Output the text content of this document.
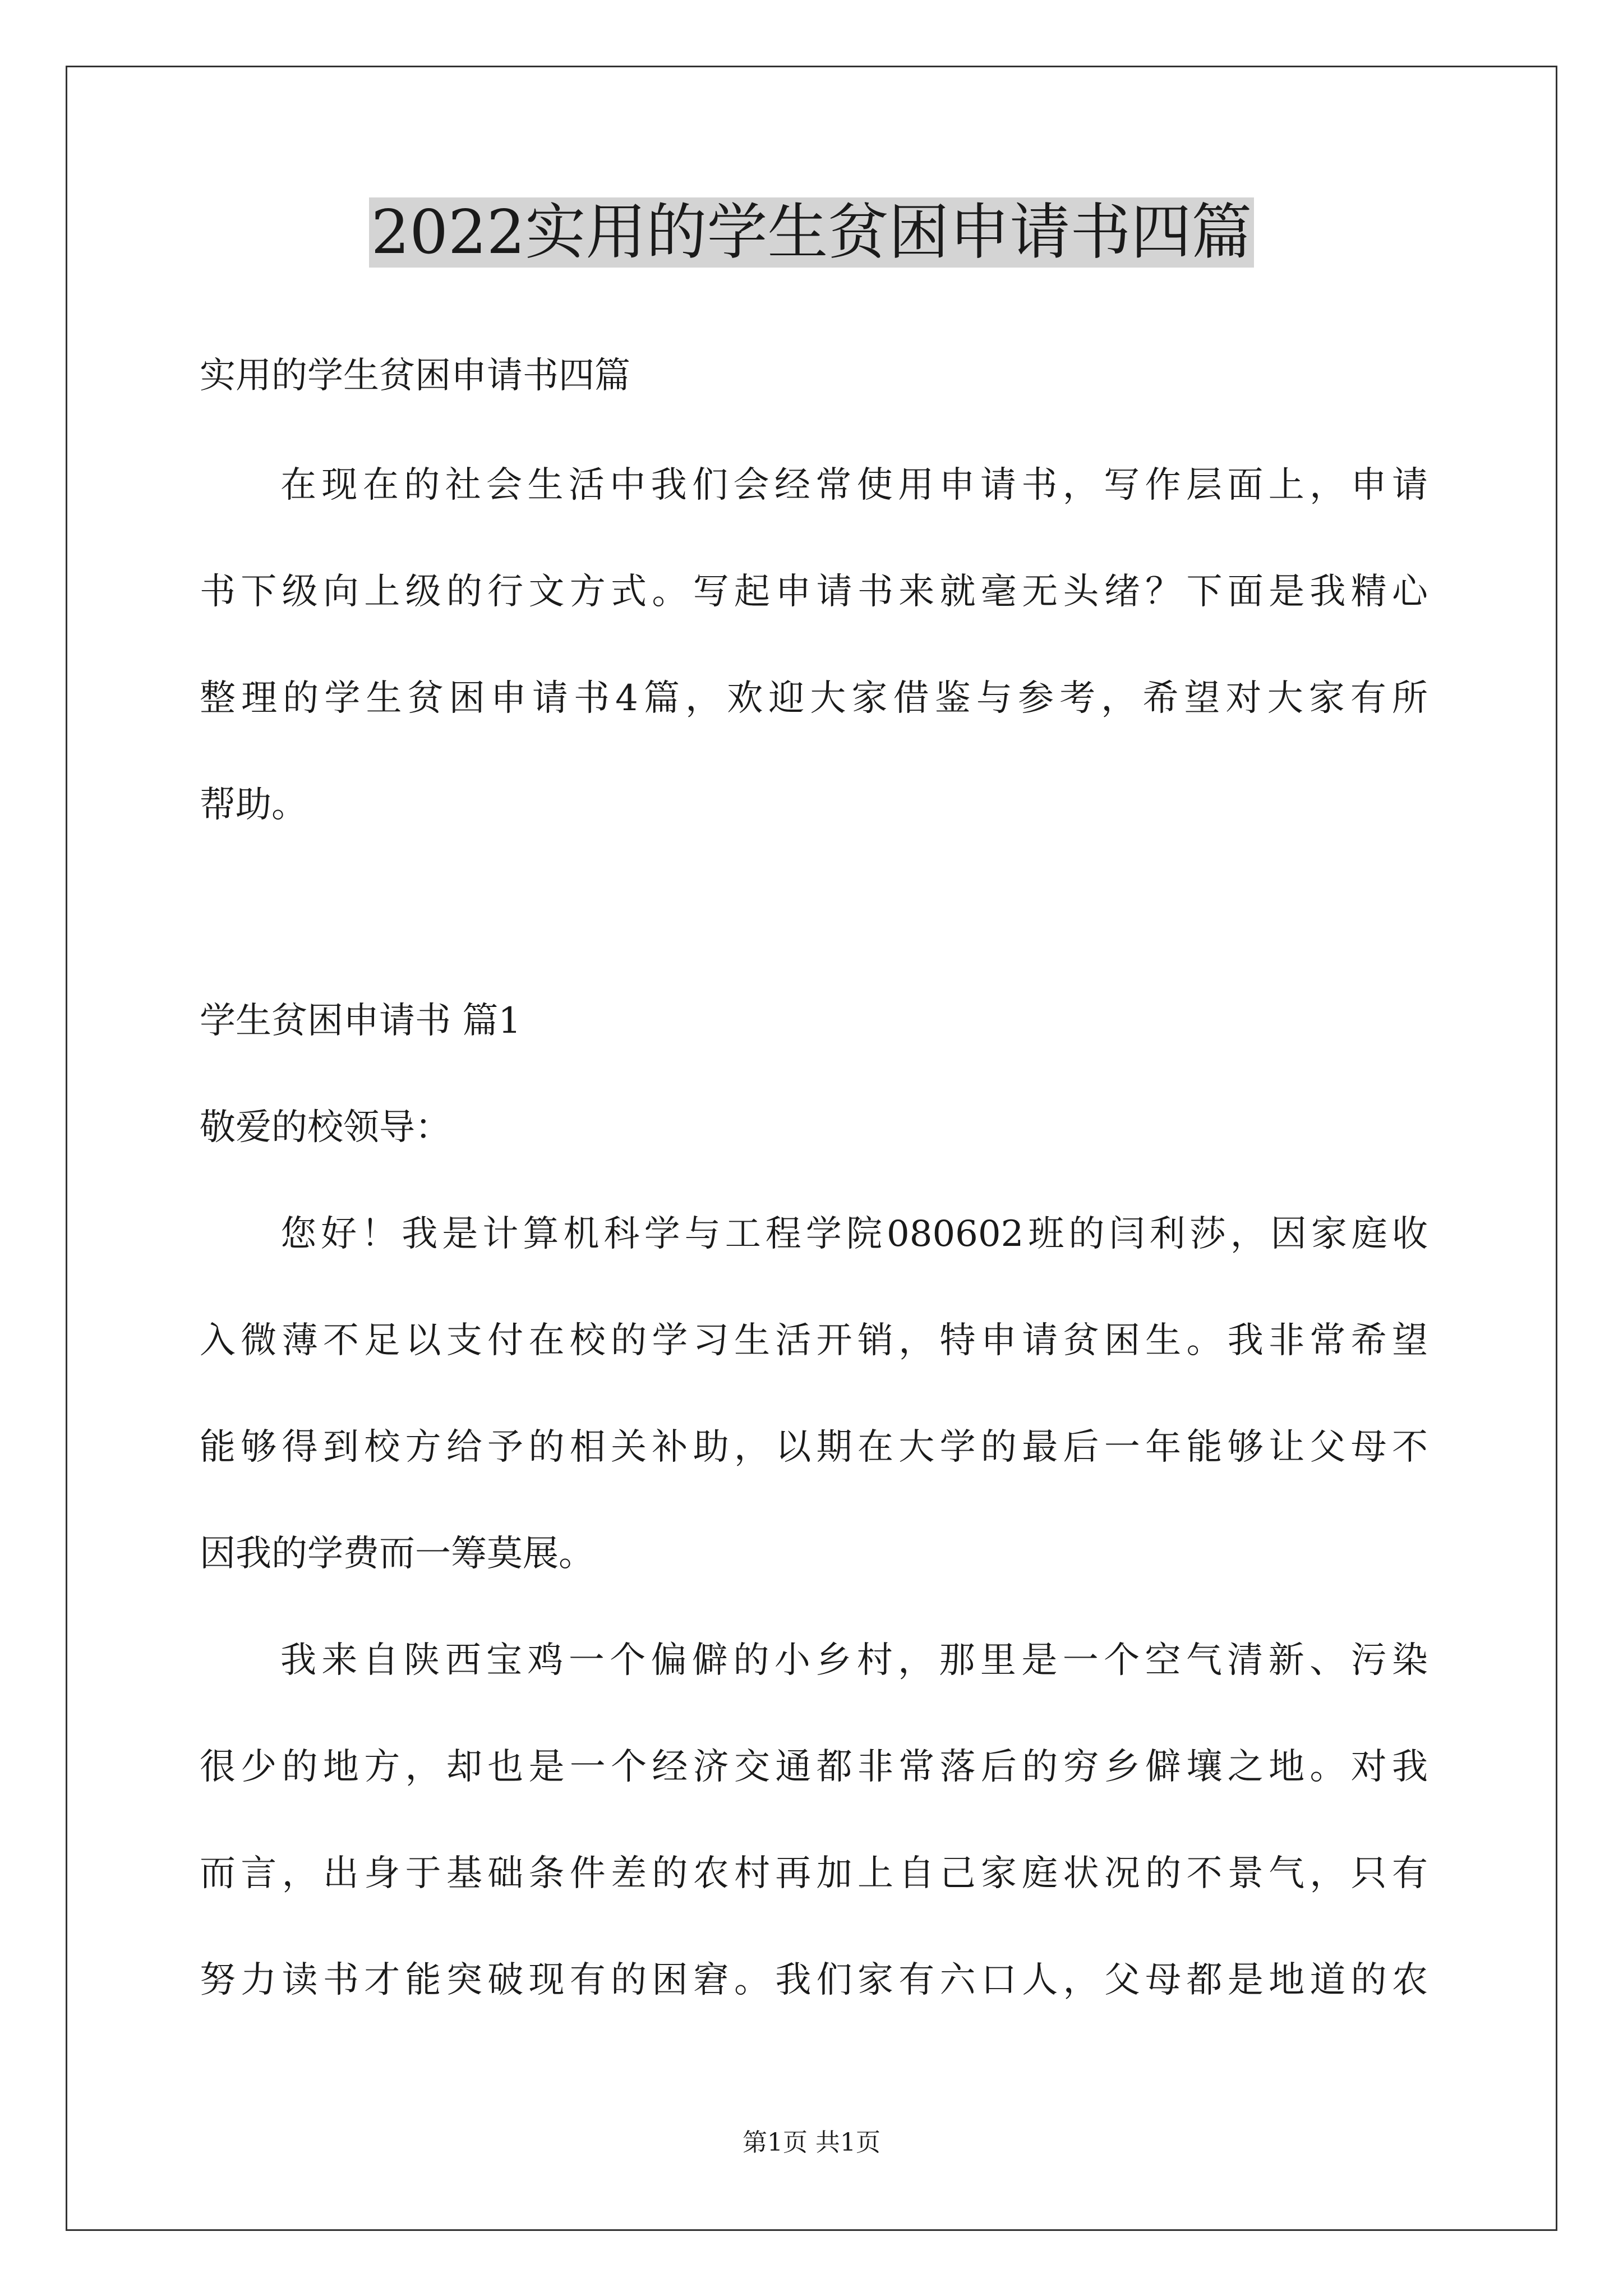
2022实用的学生贫困申请书四篇
实用的学生贫困申请书四篇
在现在的社会生活中我们会经常使用申请书，写作层面上，申请
书下级向上级的行文方式。写起申请书来就毫无头绪？下面是我精心
整理的学生贫困申请书4篇，欢迎大家借鉴与参考，希望对大家有所
帮助。
学生贫困申请书 篇1
敬爱的校领导：
您好！我是计算机科学与工程学院080602班的闫利莎，因家庭收
入微薄不足以支付在校的学习生活开销，特申请贫困生。我非常希望
能够得到校方给予的相关补助，以期在大学的最后一年能够让父母不
因我的学费而一筹莫展。
我来自陕西宝鸡一个偏僻的小乡村，那里是一个空气清新、污染
很少的地方，却也是一个经济交通都非常落后的穷乡僻壤之地。对我
而言，出身于基础条件差的农村再加上自己家庭状况的不景气，只有
努力读书才能突破现有的困窘。我们家有六口人，父母都是地道的农
第1页 共1页
